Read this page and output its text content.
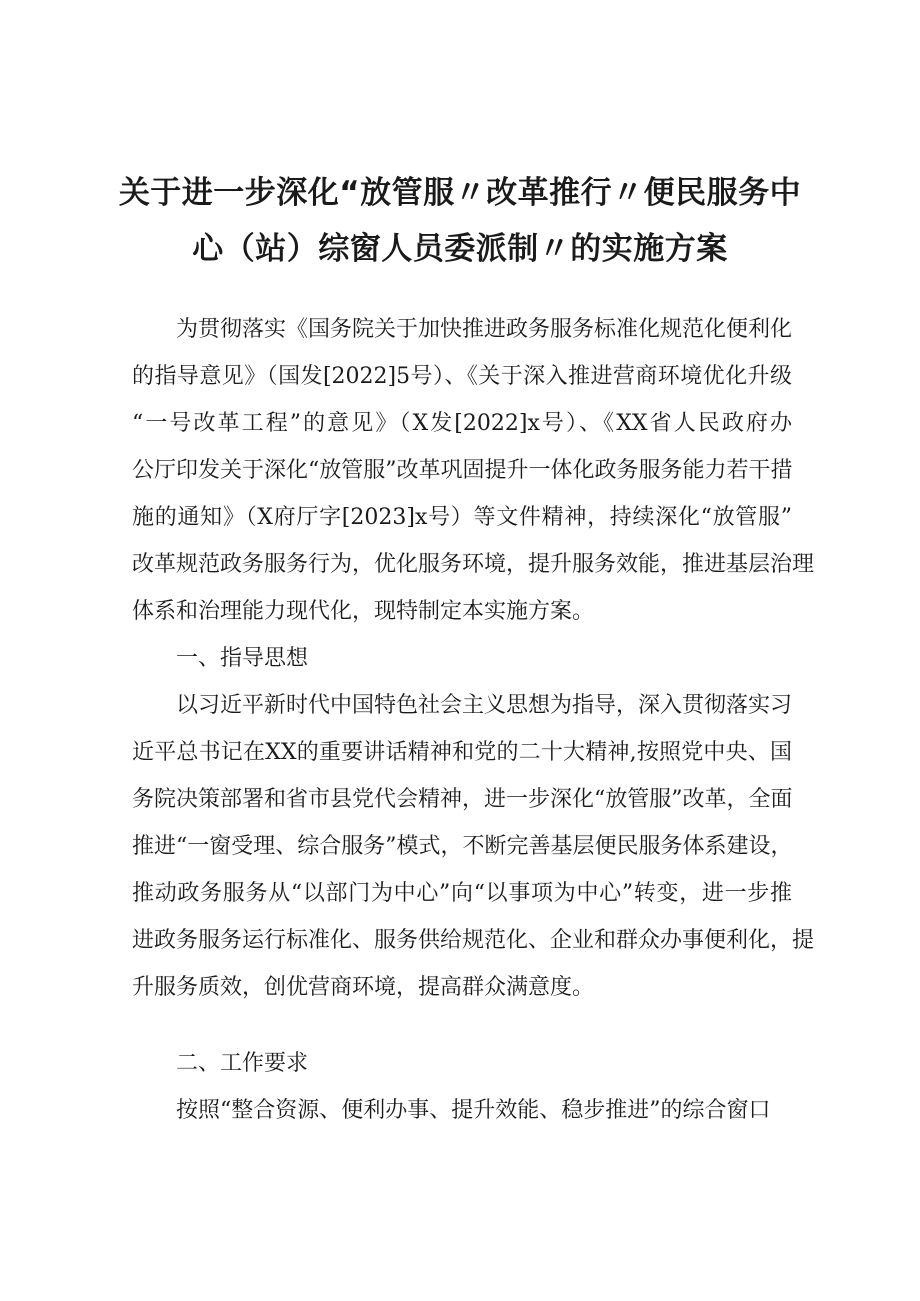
关于进一步深化“放管服〃改革推行〃便民服务中
心（站）综窗人员委派制〃的实施方案

为贯彻落实《国务院关于加快推进政务服务标准化规范化便利化

的指导意见》（国发[2022]5号）、《关于深入推进营商环境优化升级

“一号改革工程”的意见》（X发[2022]x号）、《XX省人民政府办

公厅印发关于深化“放管服”改革巩固提升一体化政务服务能力若干措

施的通知》（X府厅字[2023]x号）等文件精神，持续深化“放管服”

改革规范政务服务行为，优化服务环境，提升服务效能，推进基层治理

体系和治理能力现代化，现特制定本实施方案。

一、指导思想

以习近平新时代中国特色社会主义思想为指导，深入贯彻落实习

近平总书记在XX的重要讲话精神和党的二十大精神,按照党中央、国

务院决策部署和省市县党代会精神，进一步深化“放管服”改革，全面

推进“一窗受理、综合服务”模式，不断完善基层便民服务体系建设，

推动政务服务从“以部门为中心”向“以事项为中心”转变，进一步推

进政务服务运行标准化、服务供给规范化、企业和群众办事便利化，提

升服务质效，创优营商环境，提高群众满意度。

二、工作要求

按照“整合资源、便利办事、提升效能、稳步推进”的综合窗口
